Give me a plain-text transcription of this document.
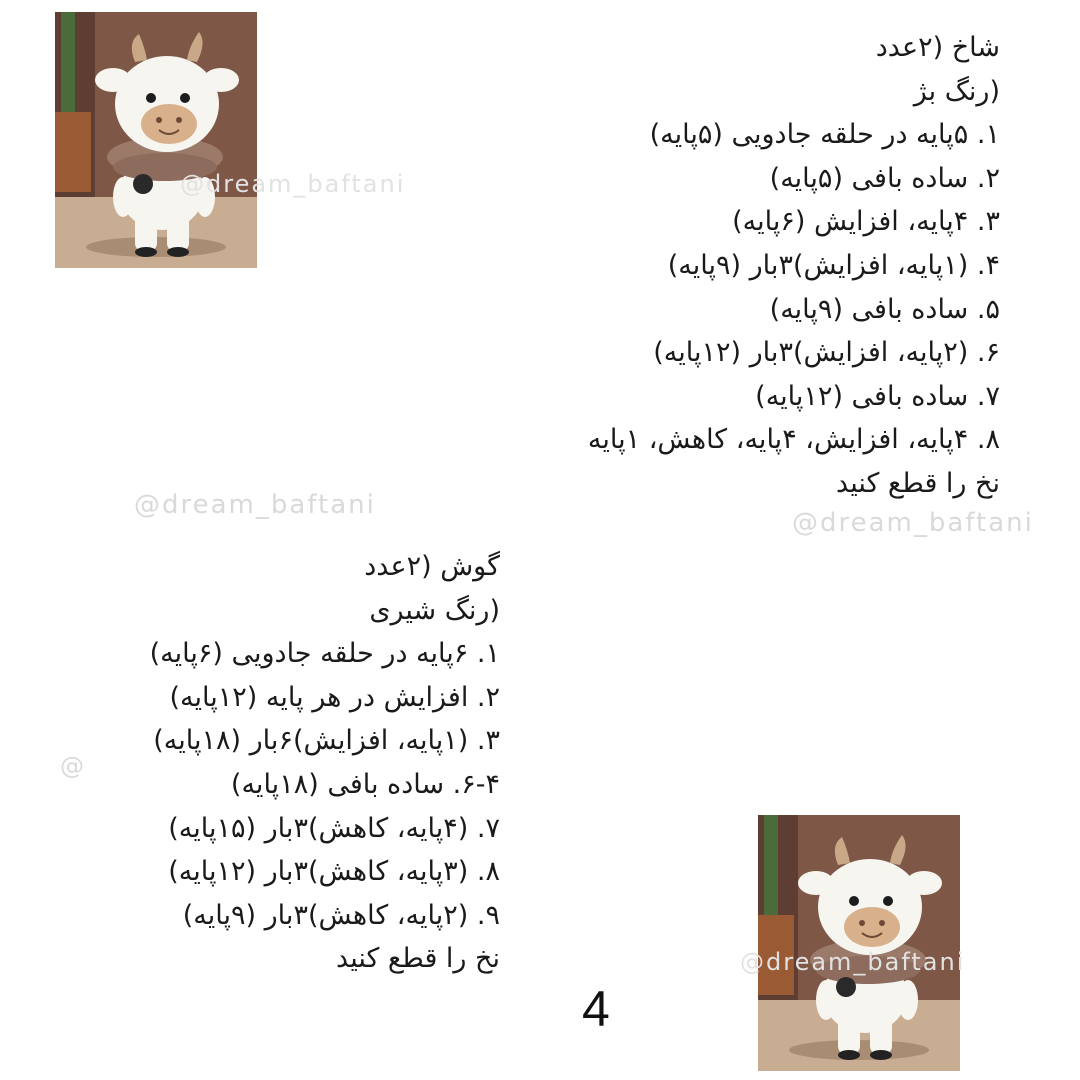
@dream_baftani
@dream_baftani
@dream_baftani
@
@dream_baftani
شاخ (۲عدد
(رنگ بژ
۱. ۵پایه در حلقه جادویی (۵پایه)
۲. ساده بافی (۵پایه)
۳. ۴پایه، افزایش (۶پایه)
۴. (۱پایه، افزایش)۳بار (۹پایه)
۵. ساده بافی (۹پایه)
۶. (۲پایه، افزایش)۳بار (۱۲پایه)
۷. ساده بافی (۱۲پایه)
۸. ۴پایه، افزایش، ۴پایه، کاهش، ۱پایه
نخ را قطع کنید
گوش (۲عدد
(رنگ شیری
۱. ۶پایه در حلقه جادویی (۶پایه)
۲. افزایش در هر پایه (۱۲پایه)
۳. (۱پایه، افزایش)۶بار (۱۸پایه)
۶-۴. ساده بافی (۱۸پایه)
۷. (۴پایه، کاهش)۳بار (۱۵پایه)
۸. (۳پایه، کاهش)۳بار (۱۲پایه)
۹. (۲پایه، کاهش)۳بار (۹پایه)
نخ را قطع کنید
4
